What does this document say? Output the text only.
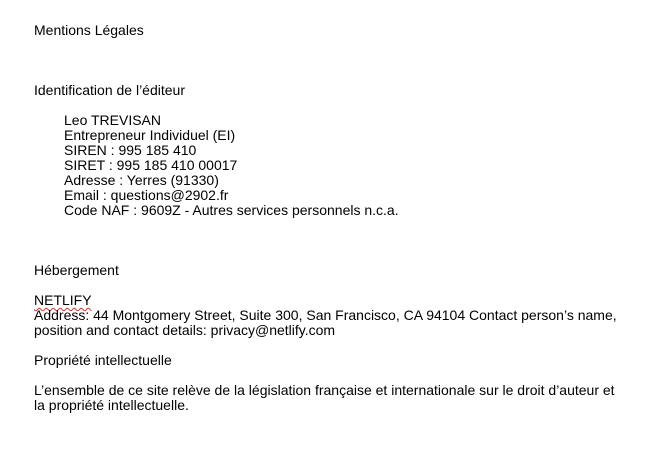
Mentions Légales

Identification de l’éditeur

Leo TREVISAN
Entrepreneur Individuel (EI)
SIREN : 995 185 410
SIRET : 995 185 410 00017
Adresse : Yerres (91330)
Email : questions@2902.fr
Code NAF : 9609Z - Autres services personnels n.c.a.

Hébergement

NETLIFY

Address: 44 Montgomery Street, Suite 300, San Francisco, CA 94104 Contact person’s name, position and contact details: privacy@netlify.com

Propriété intellectuelle

L’ensemble de ce site relève de la législation française et internationale sur le droit d’auteur et la propriété intellectuelle.
